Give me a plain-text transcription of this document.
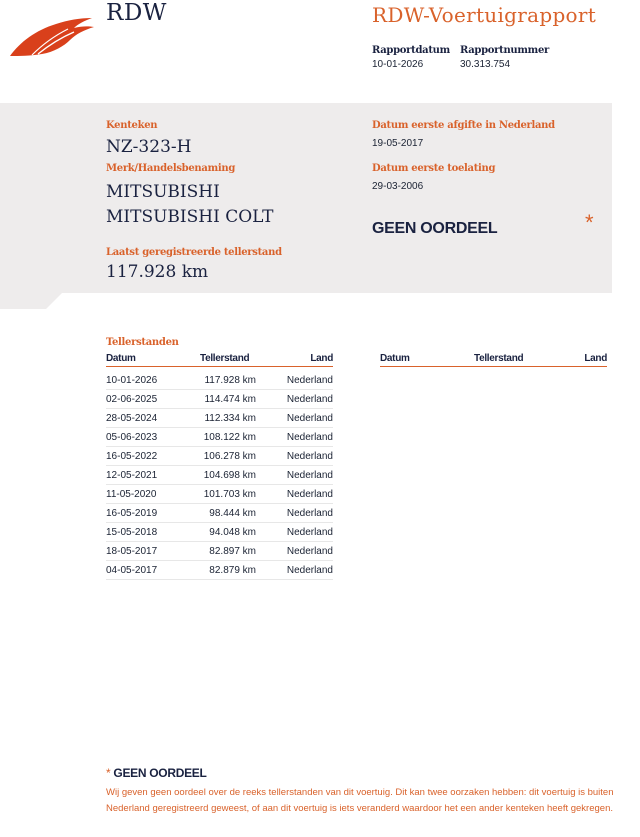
RDW	RDW-Voertuigrapport
Rapportdatum
10-01-2026
Rapportnummer
30.313.754
Kenteken
NZ-323-H
Merk/Handelsbenaming
MITSUBISHI
MITSUBISHI COLT
Laatst geregistreerde tellerstand
117.928 km
Datum eerste afgifte in Nederland
19-05-2017
Datum eerste toelating
29-03-2006
GEEN OORDEEL	*
Tellerstanden
Datum	Tellerstand	Land	Datum	Tellerstand	Land
10-01-2026	117.928 km	Nederland
02-06-2025	114.474 km	Nederland
28-05-2024	112.334 km	Nederland
05-06-2023	108.122 km	Nederland
16-05-2022	106.278 km	Nederland
12-05-2021	104.698 km	Nederland
11-05-2020	101.703 km	Nederland
16-05-2019	98.444 km	Nederland
15-05-2018	94.048 km	Nederland
18-05-2017	82.897 km	Nederland
04-05-2017	82.879 km	Nederland
* GEEN OORDEEL
Wij geven geen oordeel over de reeks tellerstanden van dit voertuig. Dit kan twee oorzaken hebben: dit voertuig is buiten Nederland geregistreerd geweest, of aan dit voertuig is iets veranderd waardoor het een ander kenteken heeft gekregen.
